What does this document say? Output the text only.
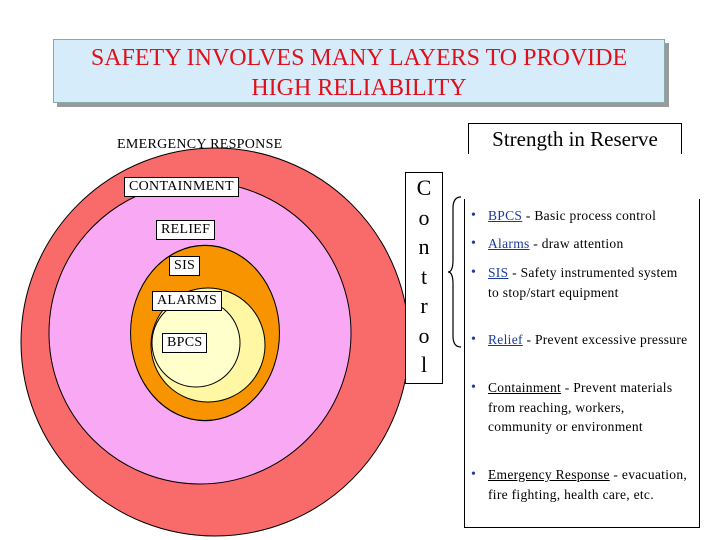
SAFETY INVOLVES MANY LAYERS TO PROVIDE
HIGH RELIABILITY
Strength in Reserve
EMERGENCY RESPONSE
CONTAINMENT
RELIEF
SIS
ALARMS
BPCS
C
o
n
t
r
o
l
• BPCS - Basic process control
• Alarms - draw attention
• SIS - Safety instrumented system to stop/start equipment
• Relief - Prevent excessive pressure
• Containment - Prevent materials from reaching, workers, community or environment
• Emergency Response - evacuation, fire fighting, health care, etc.
